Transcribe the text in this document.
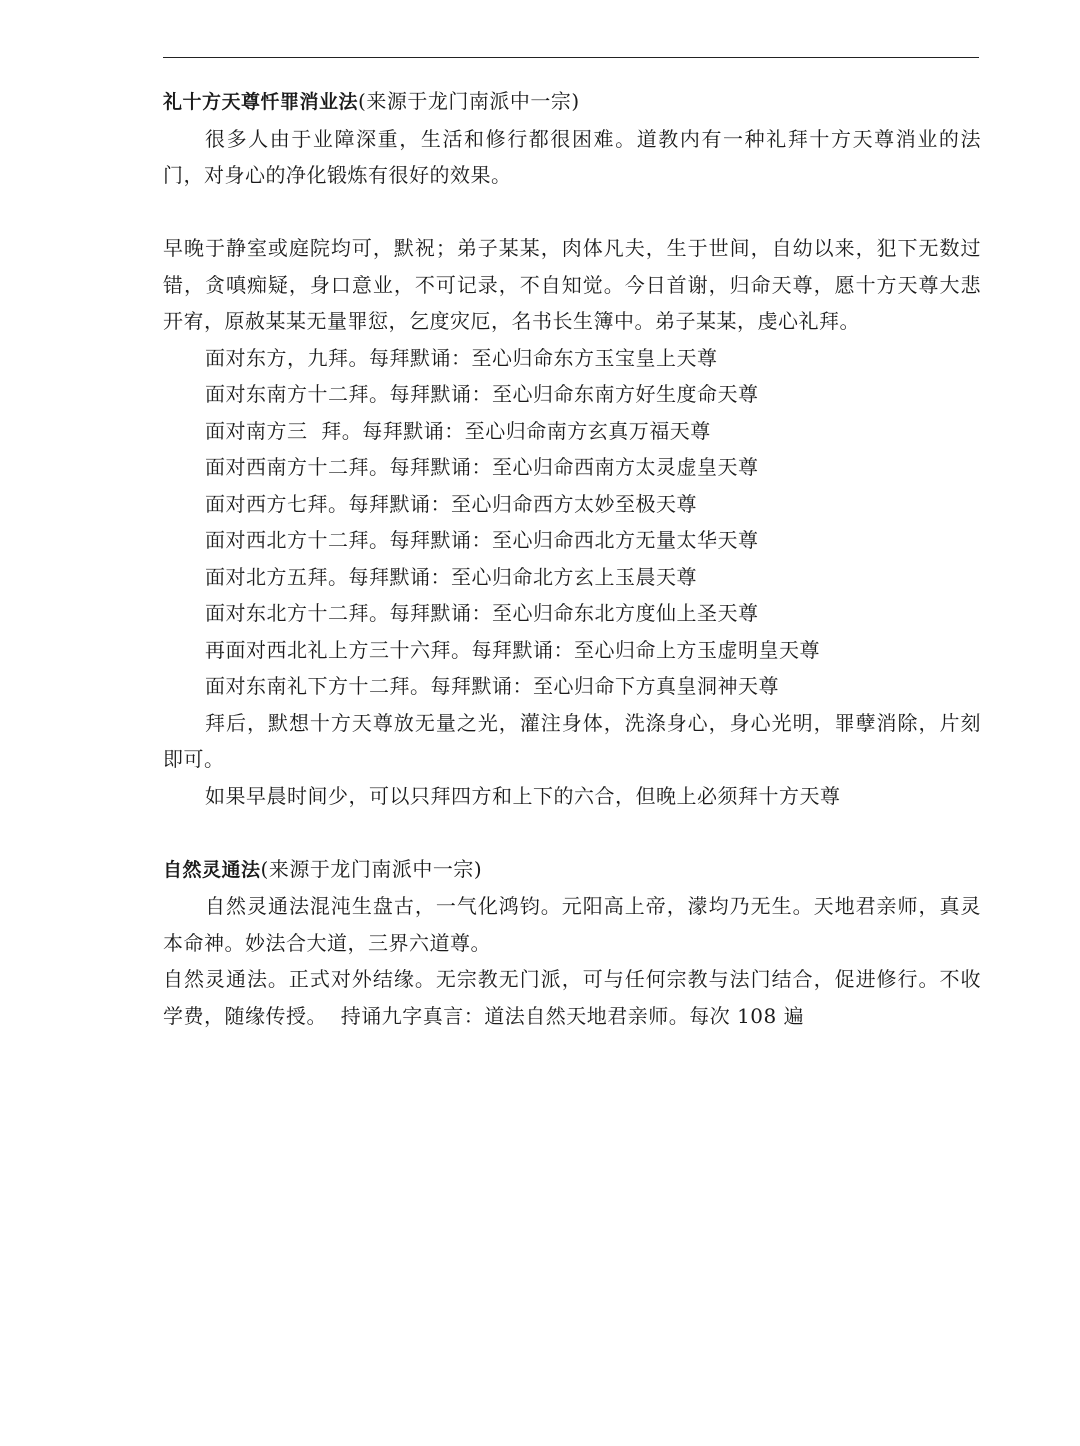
礼十方天尊忏罪消业法(来源于龙门南派中一宗)

很多人由于业障深重，生活和修行都很困难。道教内有一种礼拜十方天尊消业的法门，对身心的净化锻炼有很好的效果。

早晚于静室或庭院均可，默祝；弟子某某，肉体凡夫，生于世间，自幼以来，犯下无数过错，贪嗔痴疑，身口意业，不可记录，不自知觉。今日首谢，归命天尊，愿十方天尊大悲开宥，原赦某某无量罪愆，乞度灾厄，名书长生簿中。弟子某某，虔心礼拜。

面对东方，九拜。每拜默诵：至心归命东方玉宝皇上天尊

面对东南方十二拜。每拜默诵：至心归命东南方好生度命天尊

面对南方三  拜。每拜默诵：至心归命南方玄真万福天尊

面对西南方十二拜。每拜默诵：至心归命西南方太灵虚皇天尊

面对西方七拜。每拜默诵：至心归命西方太妙至极天尊

面对西北方十二拜。每拜默诵：至心归命西北方无量太华天尊

面对北方五拜。每拜默诵：至心归命北方玄上玉晨天尊

面对东北方十二拜。每拜默诵：至心归命东北方度仙上圣天尊

再面对西北礼上方三十六拜。每拜默诵：至心归命上方玉虚明皇天尊

面对东南礼下方十二拜。每拜默诵：至心归命下方真皇洞神天尊

拜后，默想十方天尊放无量之光，灌注身体，洗涤身心，身心光明，罪孽消除，片刻即可。

如果早晨时间少，可以只拜四方和上下的六合，但晚上必须拜十方天尊

自然灵通法(来源于龙门南派中一宗)

自然灵通法混沌生盘古，一气化鸿钧。元阳高上帝，濛均乃无生。天地君亲师，真灵本命神。妙法合大道，三界六道尊。

自然灵通法。正式对外结缘。无宗教无门派，可与任何宗教与法门结合，促进修行。不收学费，随缘传授。  持诵九字真言：道法自然天地君亲师。每次 108 遍
